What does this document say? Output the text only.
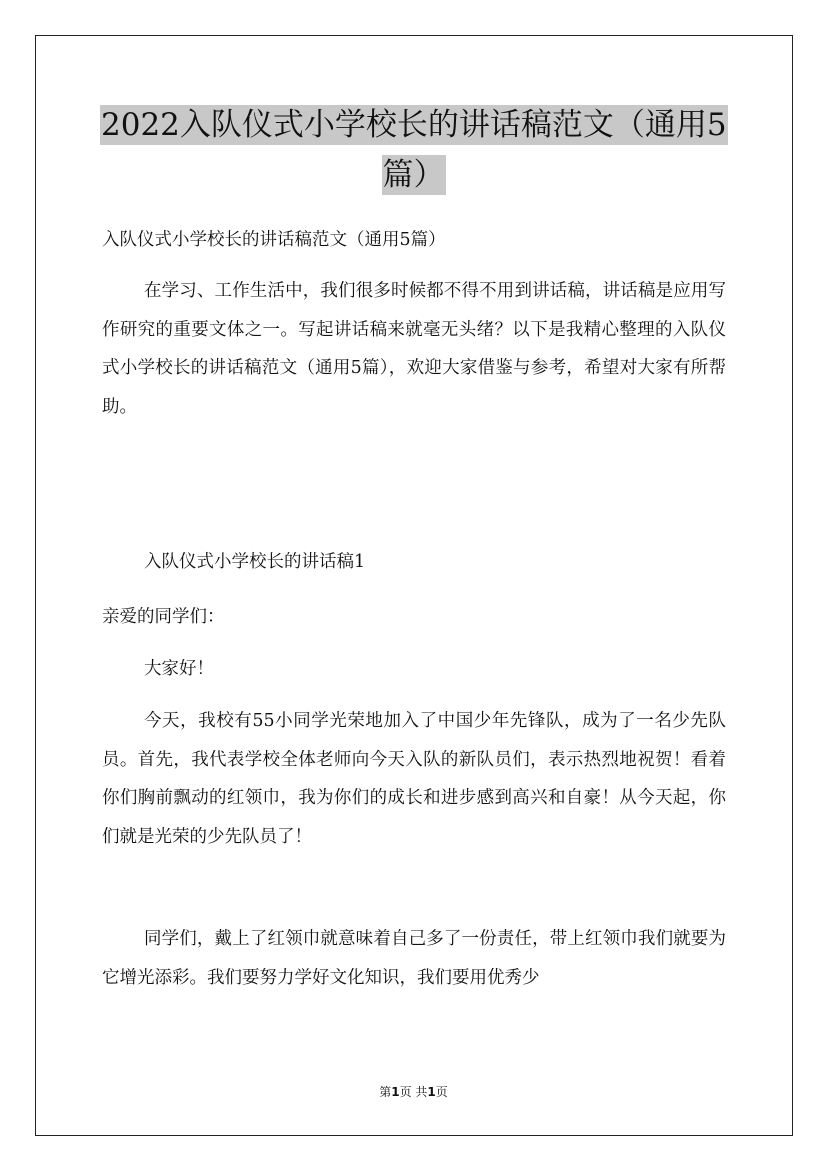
2022入队仪式小学校长的讲话稿范文（通用5篇）

入队仪式小学校长的讲话稿范文（通用5篇）

在学习、工作生活中，我们很多时候都不得不用到讲话稿，讲话稿是应用写作研究的重要文体之一。写起讲话稿来就毫无头绪？以下是我精心整理的入队仪式小学校长的讲话稿范文（通用5篇），欢迎大家借鉴与参考，希望对大家有所帮助。

入队仪式小学校长的讲话稿1

亲爱的同学们：

大家好！

今天，我校有55小同学光荣地加入了中国少年先锋队，成为了一名少先队员。首先，我代表学校全体老师向今天入队的新队员们，表示热烈地祝贺！看着你们胸前飘动的红领巾，我为你们的成长和进步感到高兴和自豪！从今天起，你们就是光荣的少先队员了！

同学们，戴上了红领巾就意味着自己多了一份责任，带上红领巾我们就要为它增光添彩。我们要努力学好文化知识，我们要用优秀少

第1页 共1页
